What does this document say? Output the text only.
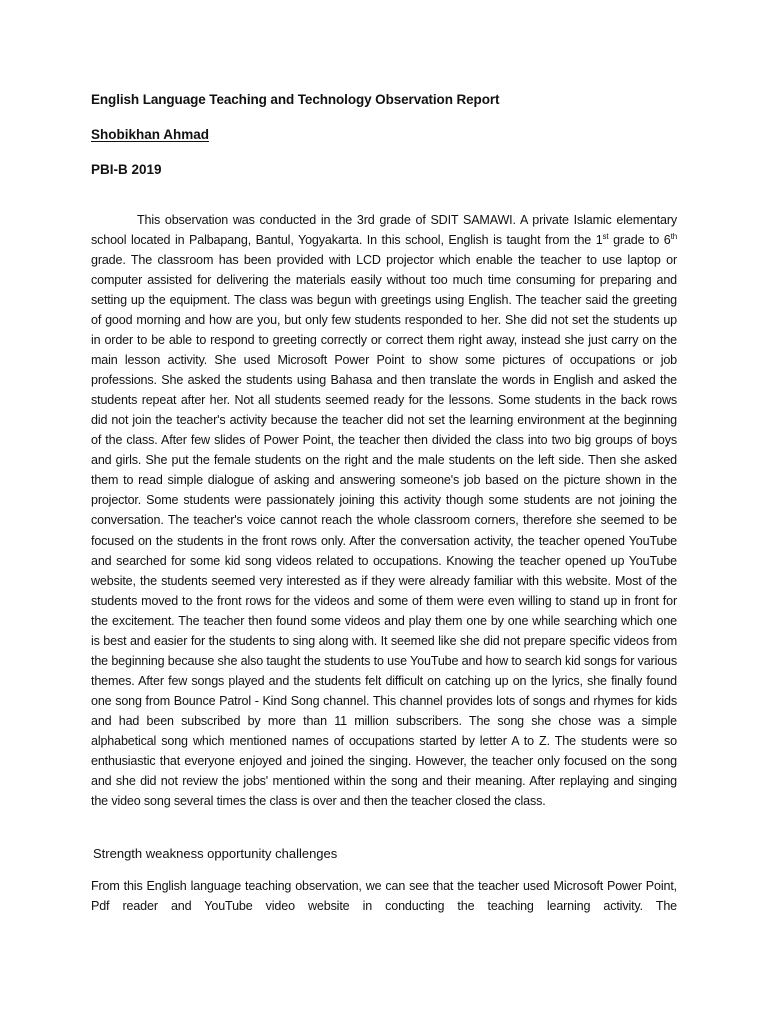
English Language Teaching and Technology Observation Report
Shobikhan Ahmad
PBI-B 2019

This observation was conducted in the 3rd grade of SDIT SAMAWI. A private Islamic elementary school located in Palbapang, Bantul, Yogyakarta. In this school, English is taught from the 1st grade to 6th grade. The classroom has been provided with LCD projector which enable the teacher to use laptop or computer assisted for delivering the materials easily without too much time consuming for preparing and setting up the equipment. The class was begun with greetings using English. The teacher said the greeting of good morning and how are you, but only few students responded to her. She did not set the students up in order to be able to respond to greeting correctly or correct them right away, instead she just carry on the main lesson activity. She used Microsoft Power Point to show some pictures of occupations or job professions. She asked the students using Bahasa and then translate the words in English and asked the students repeat after her. Not all students seemed ready for the lessons. Some students in the back rows did not join the teacher's activity because the teacher did not set the learning environment at the beginning of the class. After few slides of Power Point, the teacher then divided the class into two big groups of boys and girls. She put the female students on the right and the male students on the left side. Then she asked them to read simple dialogue of asking and answering someone's job based on the picture shown in the projector. Some students were passionately joining this activity though some students are not joining the conversation. The teacher's voice cannot reach the whole classroom corners, therefore she seemed to be focused on the students in the front rows only. After the conversation activity, the teacher opened YouTube and searched for some kid song videos related to occupations. Knowing the teacher opened up YouTube website, the students seemed very interested as if they were already familiar with this website. Most of the students moved to the front rows for the videos and some of them were even willing to stand up in front for the excitement. The teacher then found some videos and play them one by one while searching which one is best and easier for the students to sing along with. It seemed like she did not prepare specific videos from the beginning because she also taught the students to use YouTube and how to search kid songs for various themes. After few songs played and the students felt difficult on catching up on the lyrics, she finally found one song from Bounce Patrol - Kind Song channel. This channel provides lots of songs and rhymes for kids and had been subscribed by more than 11 million subscribers. The song she chose was a simple alphabetical song which mentioned names of occupations started by letter A to Z. The students were so enthusiastic that everyone enjoyed and joined the singing. However, the teacher only focused on the song and she did not review the jobs' mentioned within the song and their meaning. After replaying and singing the video song several times the class is over and then the teacher closed the class.

Strength weakness opportunity challenges

From this English language teaching observation, we can see that the teacher used Microsoft Power Point, Pdf reader and YouTube video website in conducting the teaching learning activity. The
